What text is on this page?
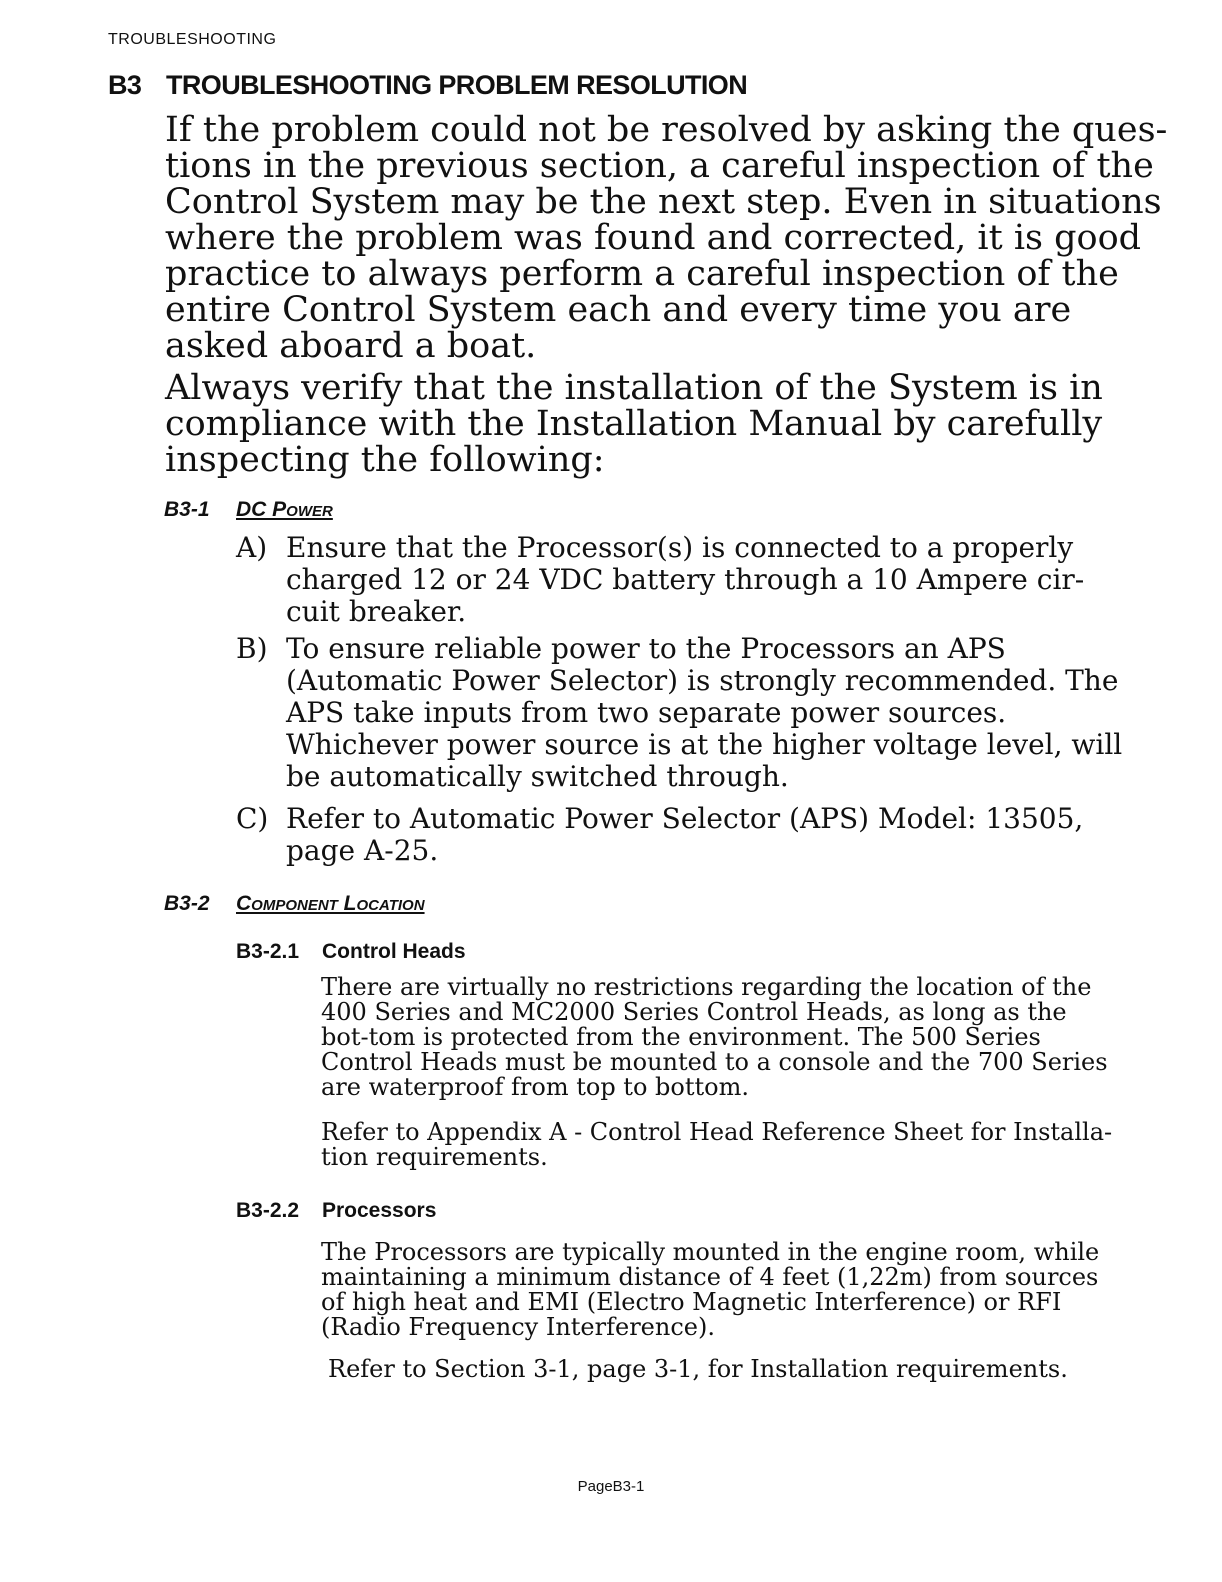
TROUBLESHOOTING
B3 TROUBLESHOOTING PROBLEM RESOLUTION

If the problem could not be resolved by asking the ques-tions in the previous section, a careful inspection of the Control System may be the next step. Even in situations where the problem was found and corrected, it is good practice to always perform a careful inspection of the entire Control System each and every time you are asked aboard a boat.

Always verify that the installation of the System is in compliance with the Installation Manual by carefully inspecting the following:

B3-1 DC Power
A) Ensure that the Processor(s) is connected to a properly charged 12 or 24 VDC battery through a 10 Ampere cir-cuit breaker.
B) To ensure reliable power to the Processors an APS (Automatic Power Selector) is strongly recommended. The APS take inputs from two separate power sources. Whichever power source is at the higher voltage level, will be automatically switched through.
C) Refer to Automatic Power Selector (APS) Model: 13505, page A-25.
B3-2 Component Location
B3-2.1 Control Heads
There are virtually no restrictions regarding the location of the 400 Series and MC2000 Series Control Heads, as long as the bot-tom is protected from the environment. The 500 Series Control Heads must be mounted to a console and the 700 Series are waterproof from top to bottom.
Refer to Appendix A - Control Head Reference Sheet for Installa-tion requirements.
B3-2.2 Processors
The Processors are typically mounted in the engine room, while maintaining a minimum distance of 4 feet (1,22m) from sources of high heat and EMI (Electro Magnetic Interference) or RFI (Radio Frequency Interference).
Refer to Section 3-1, page 3-1, for Installation requirements.
PageB3-1
